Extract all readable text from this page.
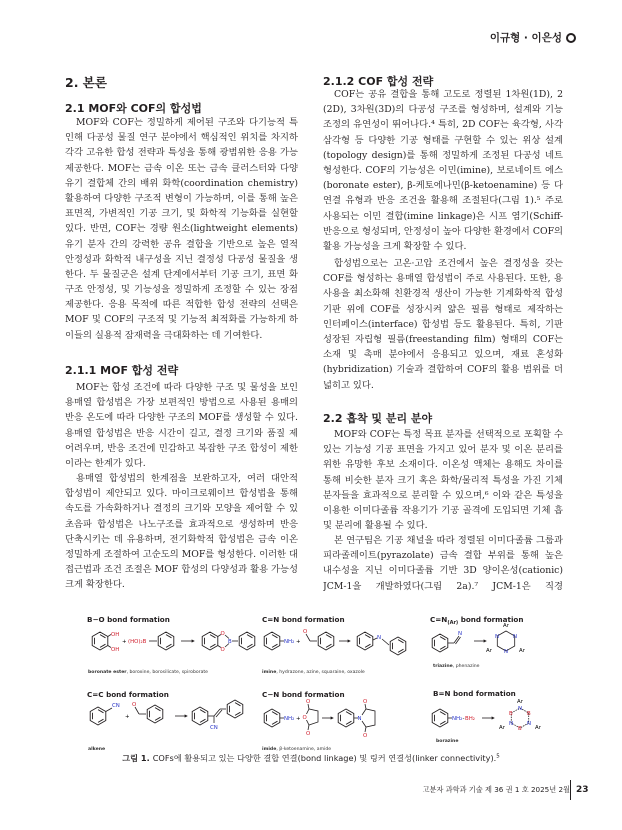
이규형 · 이은성
2. 본론
2.1 MOF와 COF의 합성법
MOF와 COF는 정밀하게 제어된 구조와 다기능적 특
인해 다공성 물질 연구 분야에서 핵심적인 위치를 차지하
각각 고유한 합성 전략과 특성을 통해 광범위한 응용 가능
제공한다. MOF는 금속 이온 또는 금속 클러스터와 다양
유기 결합체 간의 배위 화학(coordination chemistry)
활용하여 다양한 구조적 변형이 가능하며, 이를 통해 높은
표면적, 가변적인 기공 크기, 및 화학적 기능화를 실현할
있다. 반면, COF는 경량 원소(lightweight elements)
유기 분자 간의 강력한 공유 결합을 기반으로 높은 열적
안정성과 화학적 내구성을 지닌 결정성 다공성 물질을 생
한다. 두 물질군은 설계 단계에서부터 기공 크기, 표면 화
구조 안정성, 및 기능성을 정밀하게 조정할 수 있는 장점
제공한다. 응용 목적에 따른 적합한 합성 전략의 선택은
MOF 및 COF의 구조적 및 기능적 최적화를 가능하게 하
이들의 실용적 잠재력을 극대화하는 데 기여한다.
2.1.1 MOF 합성 전략
MOF는 합성 조건에 따라 다양한 구조 및 물성을 보인
용매열 합성법은 가장 보편적인 방법으로 사용된 용매의
반응 온도에 따라 다양한 구조의 MOF를 생성할 수 있다.
용매열 합성법은 반응 시간이 길고, 결정 크기와 품질 제
어려우며, 반응 조건에 민감하고 복잡한 구조 합성이 제한
이라는 한계가 있다.
용매열 합성법의 한계점을 보완하고자, 여러 대안적
합성법이 제안되고 있다. 마이크로웨이브 합성법을 통해
속도를 가속화하거나 결정의 크기와 모양을 제어할 수 있
초음파 합성법은 나노구조를 효과적으로 생성하며 반응
단축시키는 데 유용하며, 전기화학적 합성법은 금속 이온
정밀하게 조절하여 고순도의 MOF를 형성한다. 이러한 대
접근법과 조건 조절은 MOF 합성의 다양성과 활용 가능성
크게 확장한다.
2.1.2 COF 합성 전략
COF는 공유 결합을 통해 고도로 정렬된 1차원(1D), 2
(2D), 3차원(3D)의 다공성 구조를 형성하며, 설계와 기능
조정의 유연성이 뛰어나다.⁴ 특히, 2D COF는 육각형, 사각
삼각형 등 다양한 기공 형태를 구현할 수 있는 위상 설계
(topology design)를 통해 정밀하게 조정된 다공성 네트
형성한다. COF의 기능성은 이민(imine), 보로네이트 에스
(boronate ester), β-케토에나민(β-ketoenamine) 등 다
연결 유형과 반응 조건을 활용해 조절된다(그림 1).⁵ 주로
사용되는 이민 결합(imine linkage)은 시프 염기(Schiff-
반응으로 형성되며, 안정성이 높아 다양한 환경에서 COF의
활용 가능성을 크게 확장할 수 있다.
합성법으로는 고온·고압 조건에서 높은 결정성을 갖는
COF를 형성하는 용매열 합성법이 주로 사용된다. 또한, 용
사용을 최소화해 친환경적 생산이 가능한 기계화학적 합성
기판 위에 COF를 성장시켜 얇은 필름 형태로 제작하는
인터페이스(interface) 합성법 등도 활용된다. 특히, 기판
성장된 자립형 필름(freestanding film) 형태의 COF는
소재 및 촉매 분야에서 응용되고 있으며, 재료 혼성화
(hybridization) 기술과 결합하여 COF의 활용 범위를 더
넓히고 있다.
2.2 흡착 및 분리 분야
MOF와 COF는 특정 목표 분자를 선택적으로 포획할 수
있는 기능성 기공 표면을 가지고 있어 분자 및 이온 분리를
위한 유망한 후보 소재이다. 이온성 액체는 용해도 차이를
통해 비슷한 분자 크기 혹은 화학/물리적 특성을 가진 기체
분자들을 효과적으로 분리할 수 있으며,⁶ 이와 같은 특성을
이용한 이미다졸륨 작용기가 기공 골격에 도입되면 기체 흡
및 분리에 활용될 수 있다.
본 연구팀은 기공 채널을 따라 정렬된 이미다졸륨 그룹과
피라졸레이트(pyrazolate) 금속 결합 부위를 통해 높은
내수성을 지닌 이미다졸륨 기반 3D 양이온성(cationic)
JCM-1을 개발하였다(그림 2a).⁷ JCM-1은 직경
B−O bond formation
OH
OH
+ (HO)₂B
O
O
B
boronate ester, boroxine, borosilicate, spiroborate
C=N bond formation
NH₂ +
O
N
imine, hydrazone, azine, squaraine, oxazole
$C=N_{(Ar)}$ bond formation
N	N	N
N
Ar
Ar	Ar
triazine, phenazine
C=C bond formation
CN
+
O
CN
alkene
C−N bond formation
NH₂ + O
O
O
N
O
O
imide, β-ketoenamine, amide
B=N bond formation
NH₂ - BH₂
N
B	B
N	N
B
Ar
Ar	Ar
borazine
그림 1. COFs에 활용되고 있는 다양한 결합 연결(bond linkage) 및 링커 연결성(linker connectivity).$^5$
고분자 과학과 기술 제 36 권 1 호 2025년 2월 23
